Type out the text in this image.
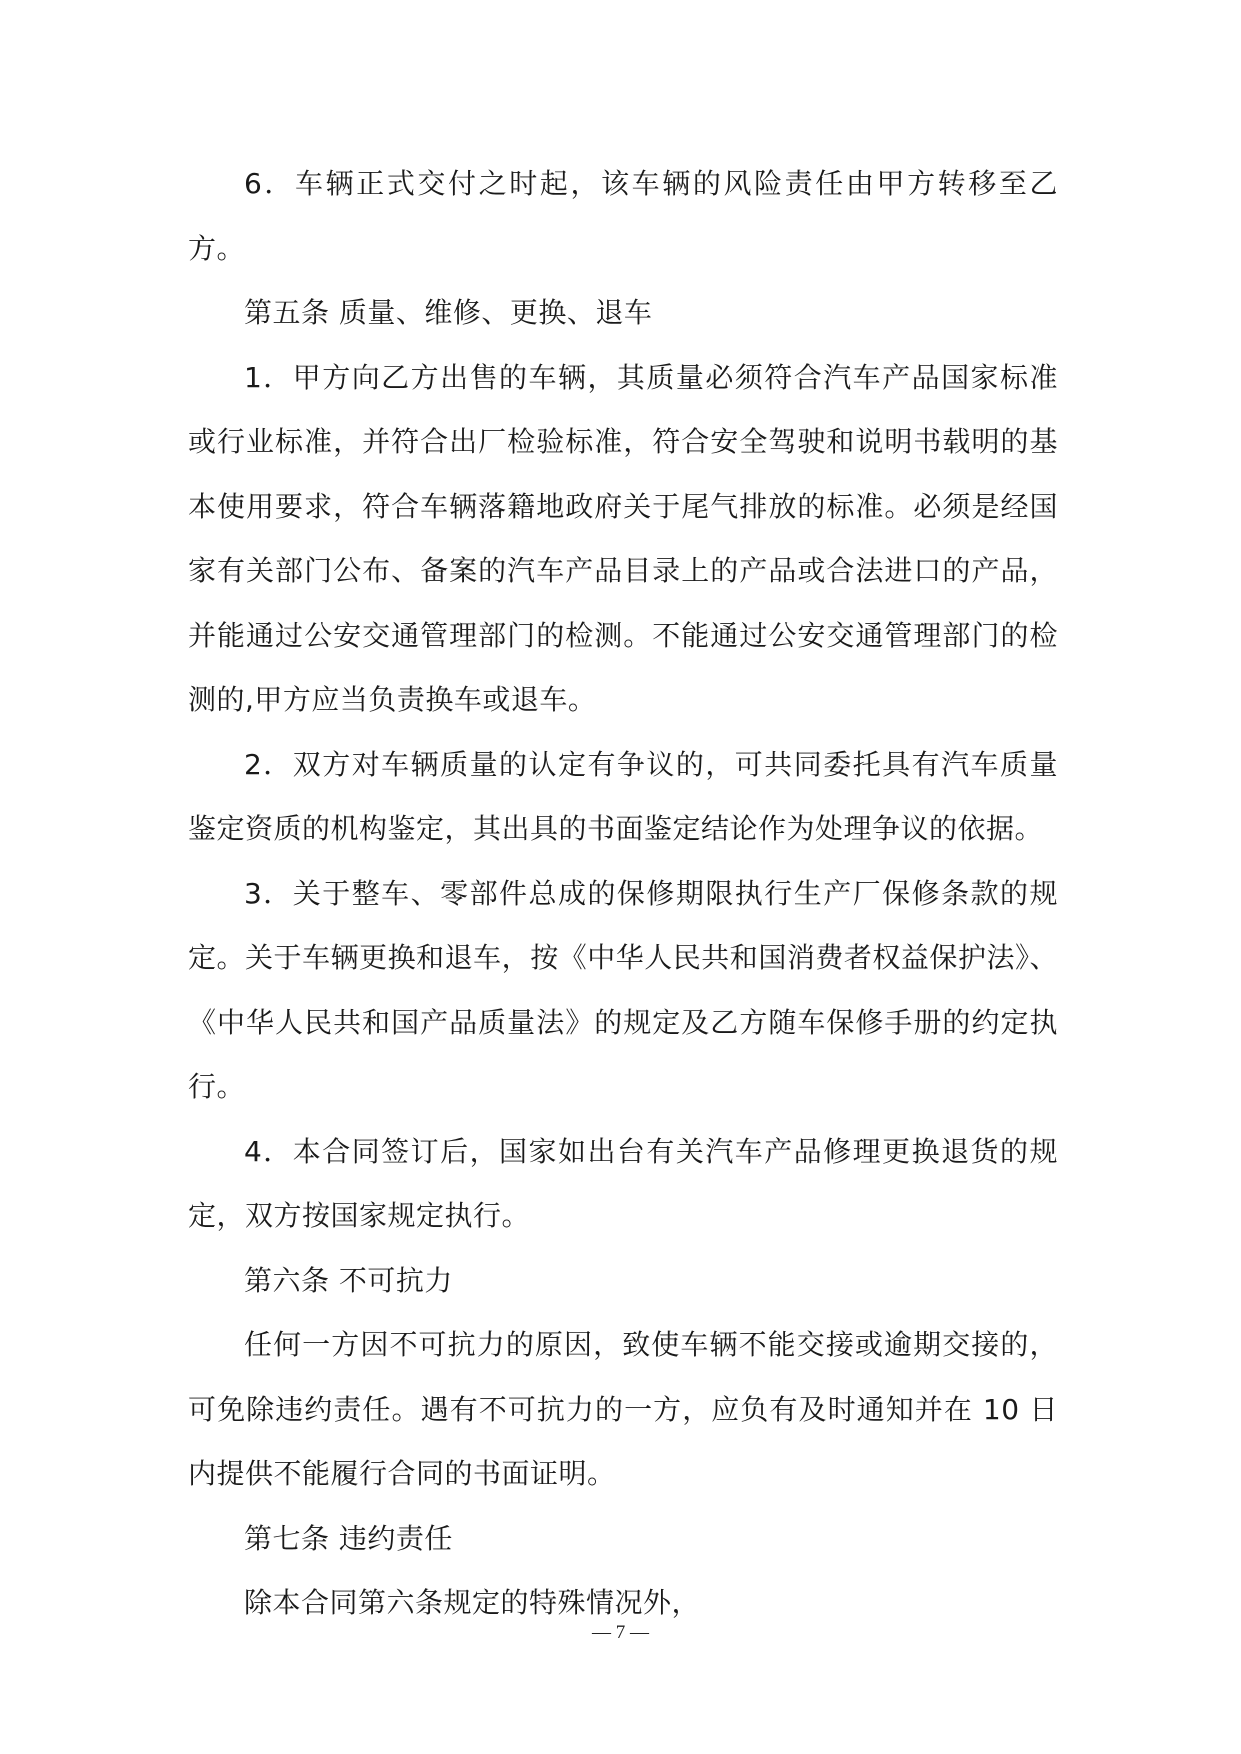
6．车辆正式交付之时起，该车辆的风险责任由甲方转移至乙方。

第五条 质量、维修、更换、退车

1．甲方向乙方出售的车辆，其质量必须符合汽车产品国家标准或行业标准，并符合出厂检验标准，符合安全驾驶和说明书载明的基本使用要求，符合车辆落籍地政府关于尾气排放的标准。必须是经国家有关部门公布、备案的汽车产品目录上的产品或合法进口的产品，并能通过公安交通管理部门的检测。不能通过公安交通管理部门的检测的,甲方应当负责换车或退车。

2．双方对车辆质量的认定有争议的，可共同委托具有汽车质量鉴定资质的机构鉴定，其出具的书面鉴定结论作为处理争议的依据。

3．关于整车、零部件总成的保修期限执行生产厂保修条款的规定。关于车辆更换和退车，按《中华人民共和国消费者权益保护法》、《中华人民共和国产品质量法》的规定及乙方随车保修手册的约定执行。

4．本合同签订后，国家如出台有关汽车产品修理更换退货的规定，双方按国家规定执行。

第六条 不可抗力

任何一方因不可抗力的原因，致使车辆不能交接或逾期交接的，可免除违约责任。遇有不可抗力的一方，应负有及时通知并在 10 日内提供不能履行合同的书面证明。

第七条 违约责任

除本合同第六条规定的特殊情况外，

— 7 —
